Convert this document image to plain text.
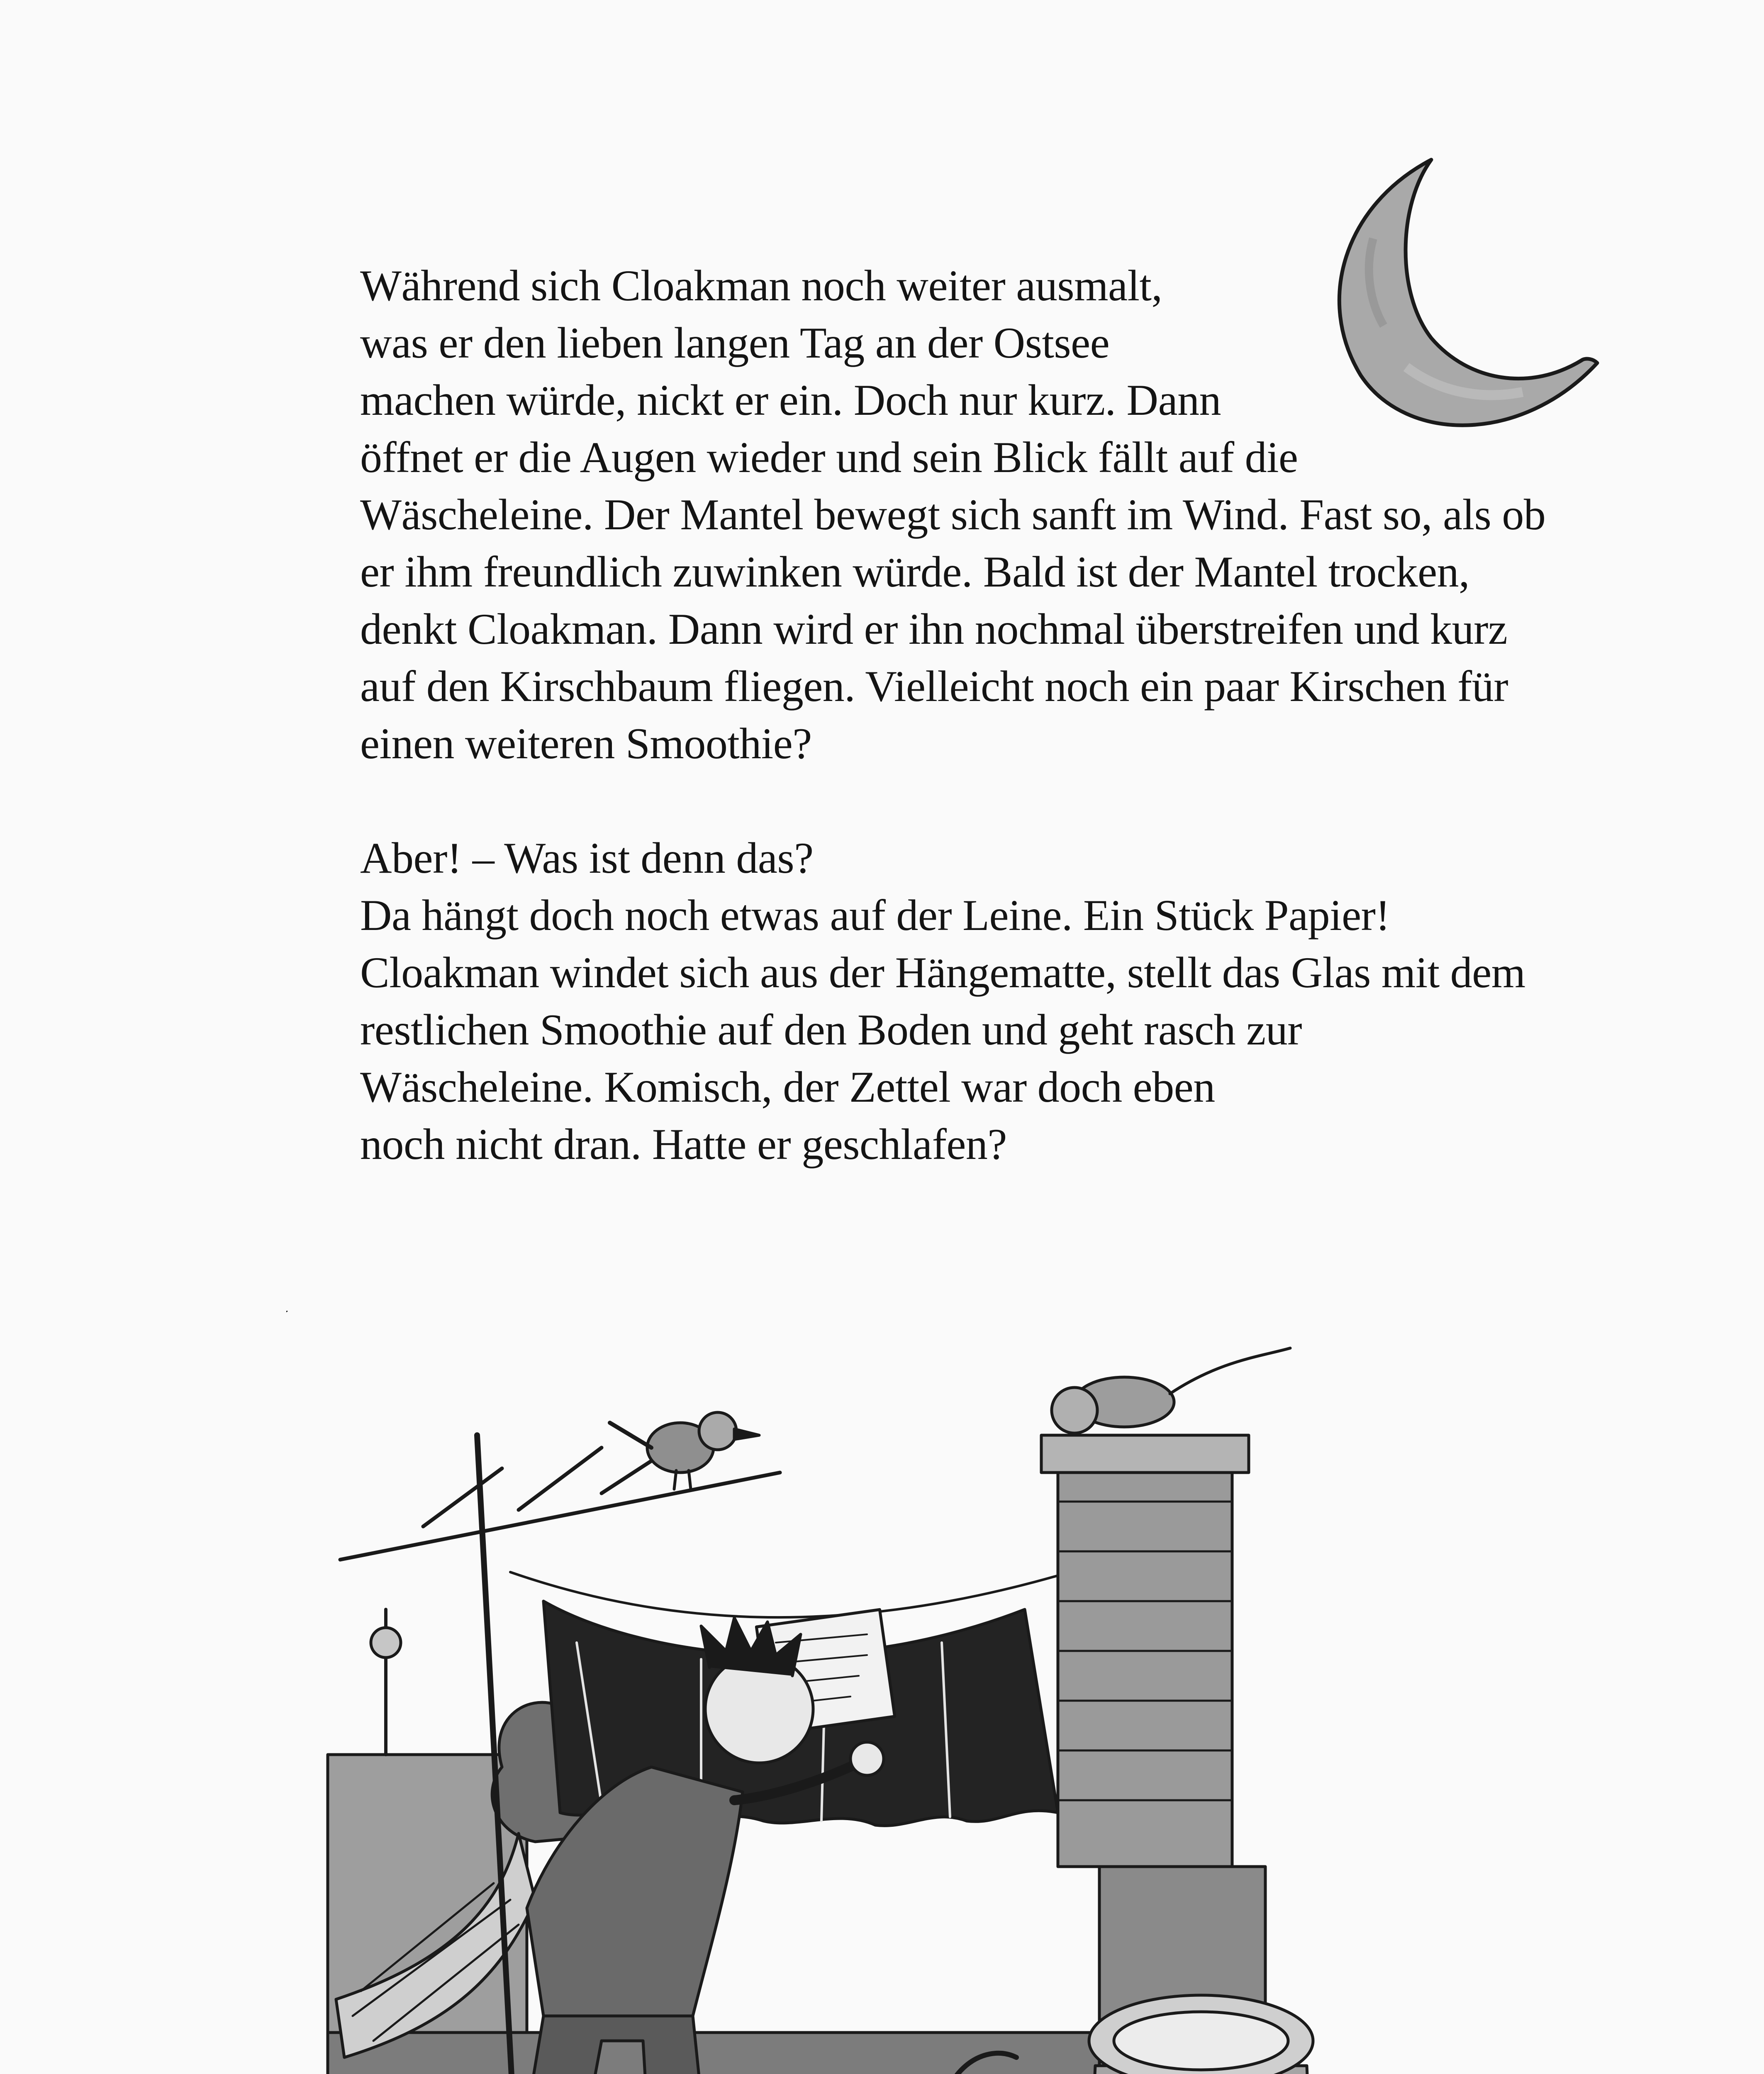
Während sich Cloakman noch weiter ausmalt,
was er den lieben langen Tag an der Ostsee
machen würde, nickt er ein. Doch nur kurz. Dann
öffnet er die Augen wieder und sein Blick fällt auf die
Wäscheleine. Der Mantel bewegt sich sanft im Wind. Fast so, als ob
er ihm freundlich zuwinken würde. Bald ist der Mantel trocken,
denkt Cloakman. Dann wird er ihn nochmal überstreifen und kurz
auf den Kirschbaum fliegen. Vielleicht noch ein paar Kirschen für
einen weiteren Smoothie?

Aber! – Was ist denn das?
Da hängt doch noch etwas auf der Leine. Ein Stück Papier!
Cloakman windet sich aus der Hängematte, stellt das Glas mit dem
restlichen Smoothie auf den Boden und geht rasch zur
Wäscheleine. Komisch, der Zettel war doch eben
noch nicht dran. Hatte er geschlafen?
